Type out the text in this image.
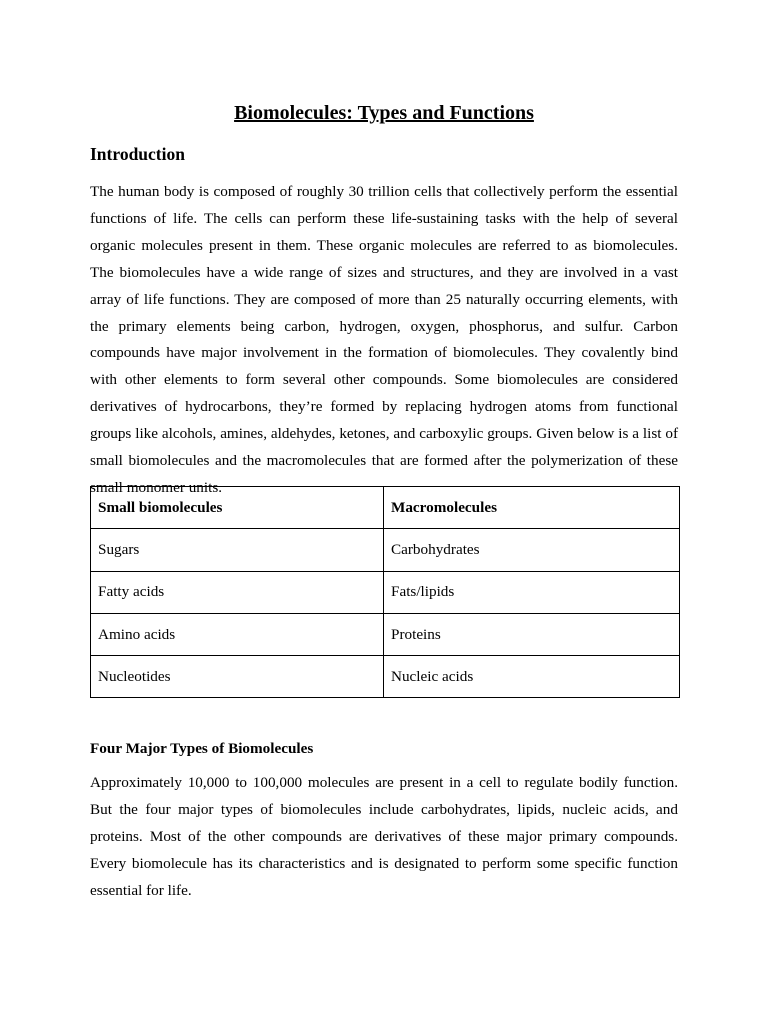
Biomolecules: Types and Functions
Introduction
The human body is composed of roughly 30 trillion cells that collectively perform the essential functions of life. The cells can perform these life-sustaining tasks with the help of several organic molecules present in them. These organic molecules are referred to as biomolecules. The biomolecules have a wide range of sizes and structures, and they are involved in a vast array of life functions. They are composed of more than 25 naturally occurring elements, with the primary elements being carbon, hydrogen, oxygen, phosphorus, and sulfur. Carbon compounds have major involvement in the formation of biomolecules. They covalently bind with other elements to form several other compounds. Some biomolecules are considered derivatives of hydrocarbons, they’re formed by replacing hydrogen atoms from functional groups like alcohols, amines, aldehydes, ketones, and carboxylic groups. Given below is a list of small biomolecules and the macromolecules that are formed after the polymerization of these small monomer units.
Small biomolecules	Macromolecules
Sugars	Carbohydrates
Fatty acids	Fats/lipids
Amino acids	Proteins
Nucleotides	Nucleic acids
Four Major Types of Biomolecules
Approximately 10,000 to 100,000 molecules are present in a cell to regulate bodily function. But the four major types of biomolecules include carbohydrates, lipids, nucleic acids, and proteins. Most of the other compounds are derivatives of these major primary compounds. Every biomolecule has its characteristics and is designated to perform some specific function essential for life.
